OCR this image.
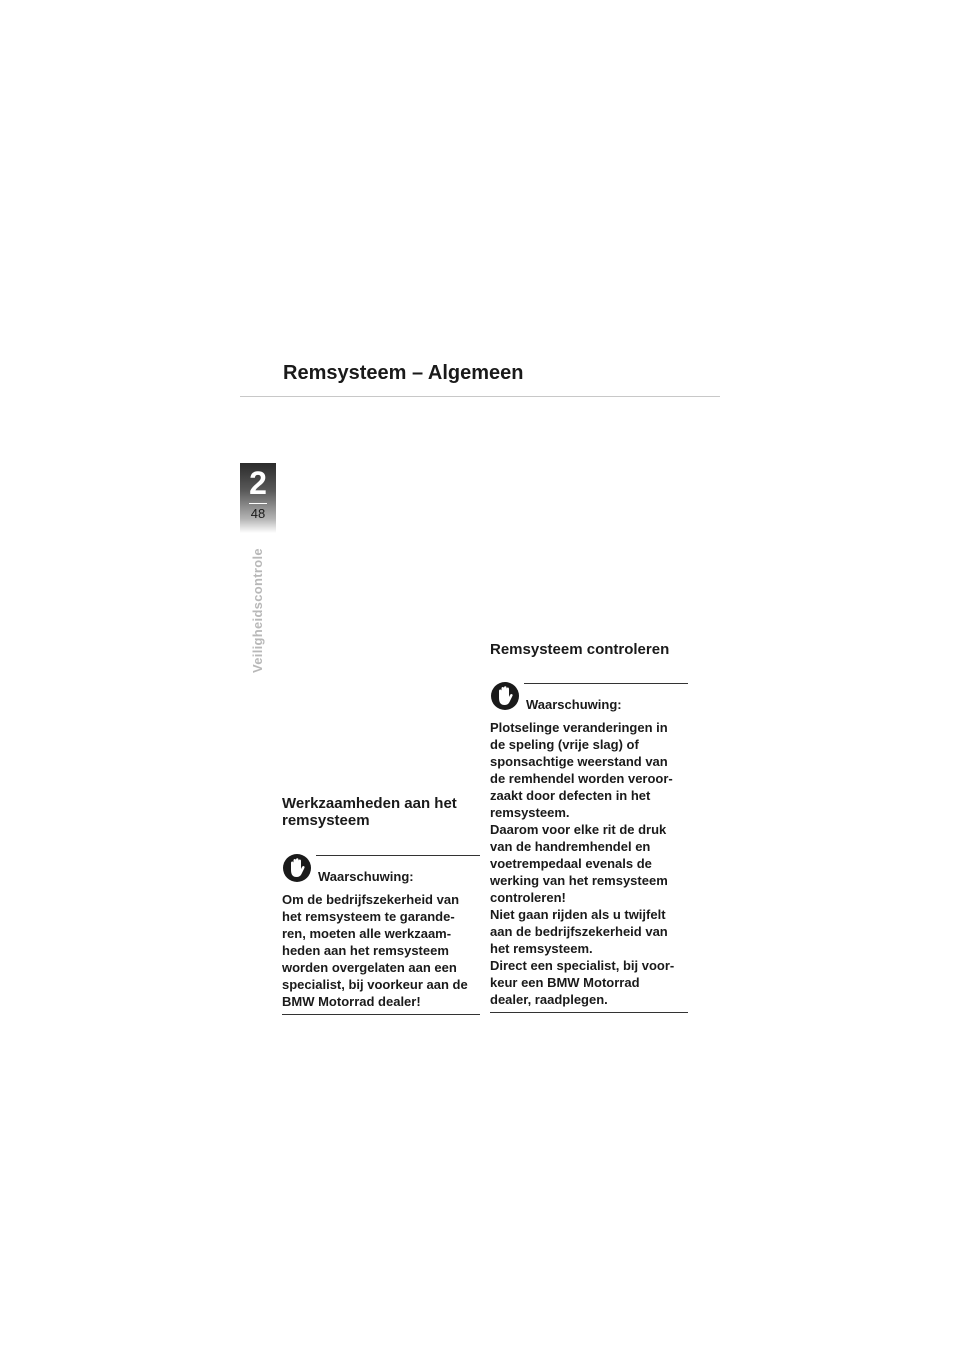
Remsysteem – Algemeen
2
48
Veiligheidscontrole

Werkzaamheden aan het
remsysteem

Waarschuwing:

Om de bedrijfszekerheid van
het remsysteem te garande-
ren, moeten alle werkzaam-
heden aan het remsysteem
worden overgelaten aan een
specialist, bij voorkeur aan de
BMW Motorrad dealer!

Remsysteem controleren

Waarschuwing:

Plotselinge veranderingen in
de speling (vrije slag) of
sponsachtige weerstand van
de remhendel worden veroor-
zaakt door defecten in het
remsysteem.
Daarom voor elke rit de druk
van de handremhendel en
voetrempedaal evenals de
werking van het remsysteem
controleren!
Niet gaan rijden als u twijfelt
aan de bedrijfszekerheid van
het remsysteem.
Direct een specialist, bij voor-
keur een BMW Motorrad
dealer, raadplegen.
